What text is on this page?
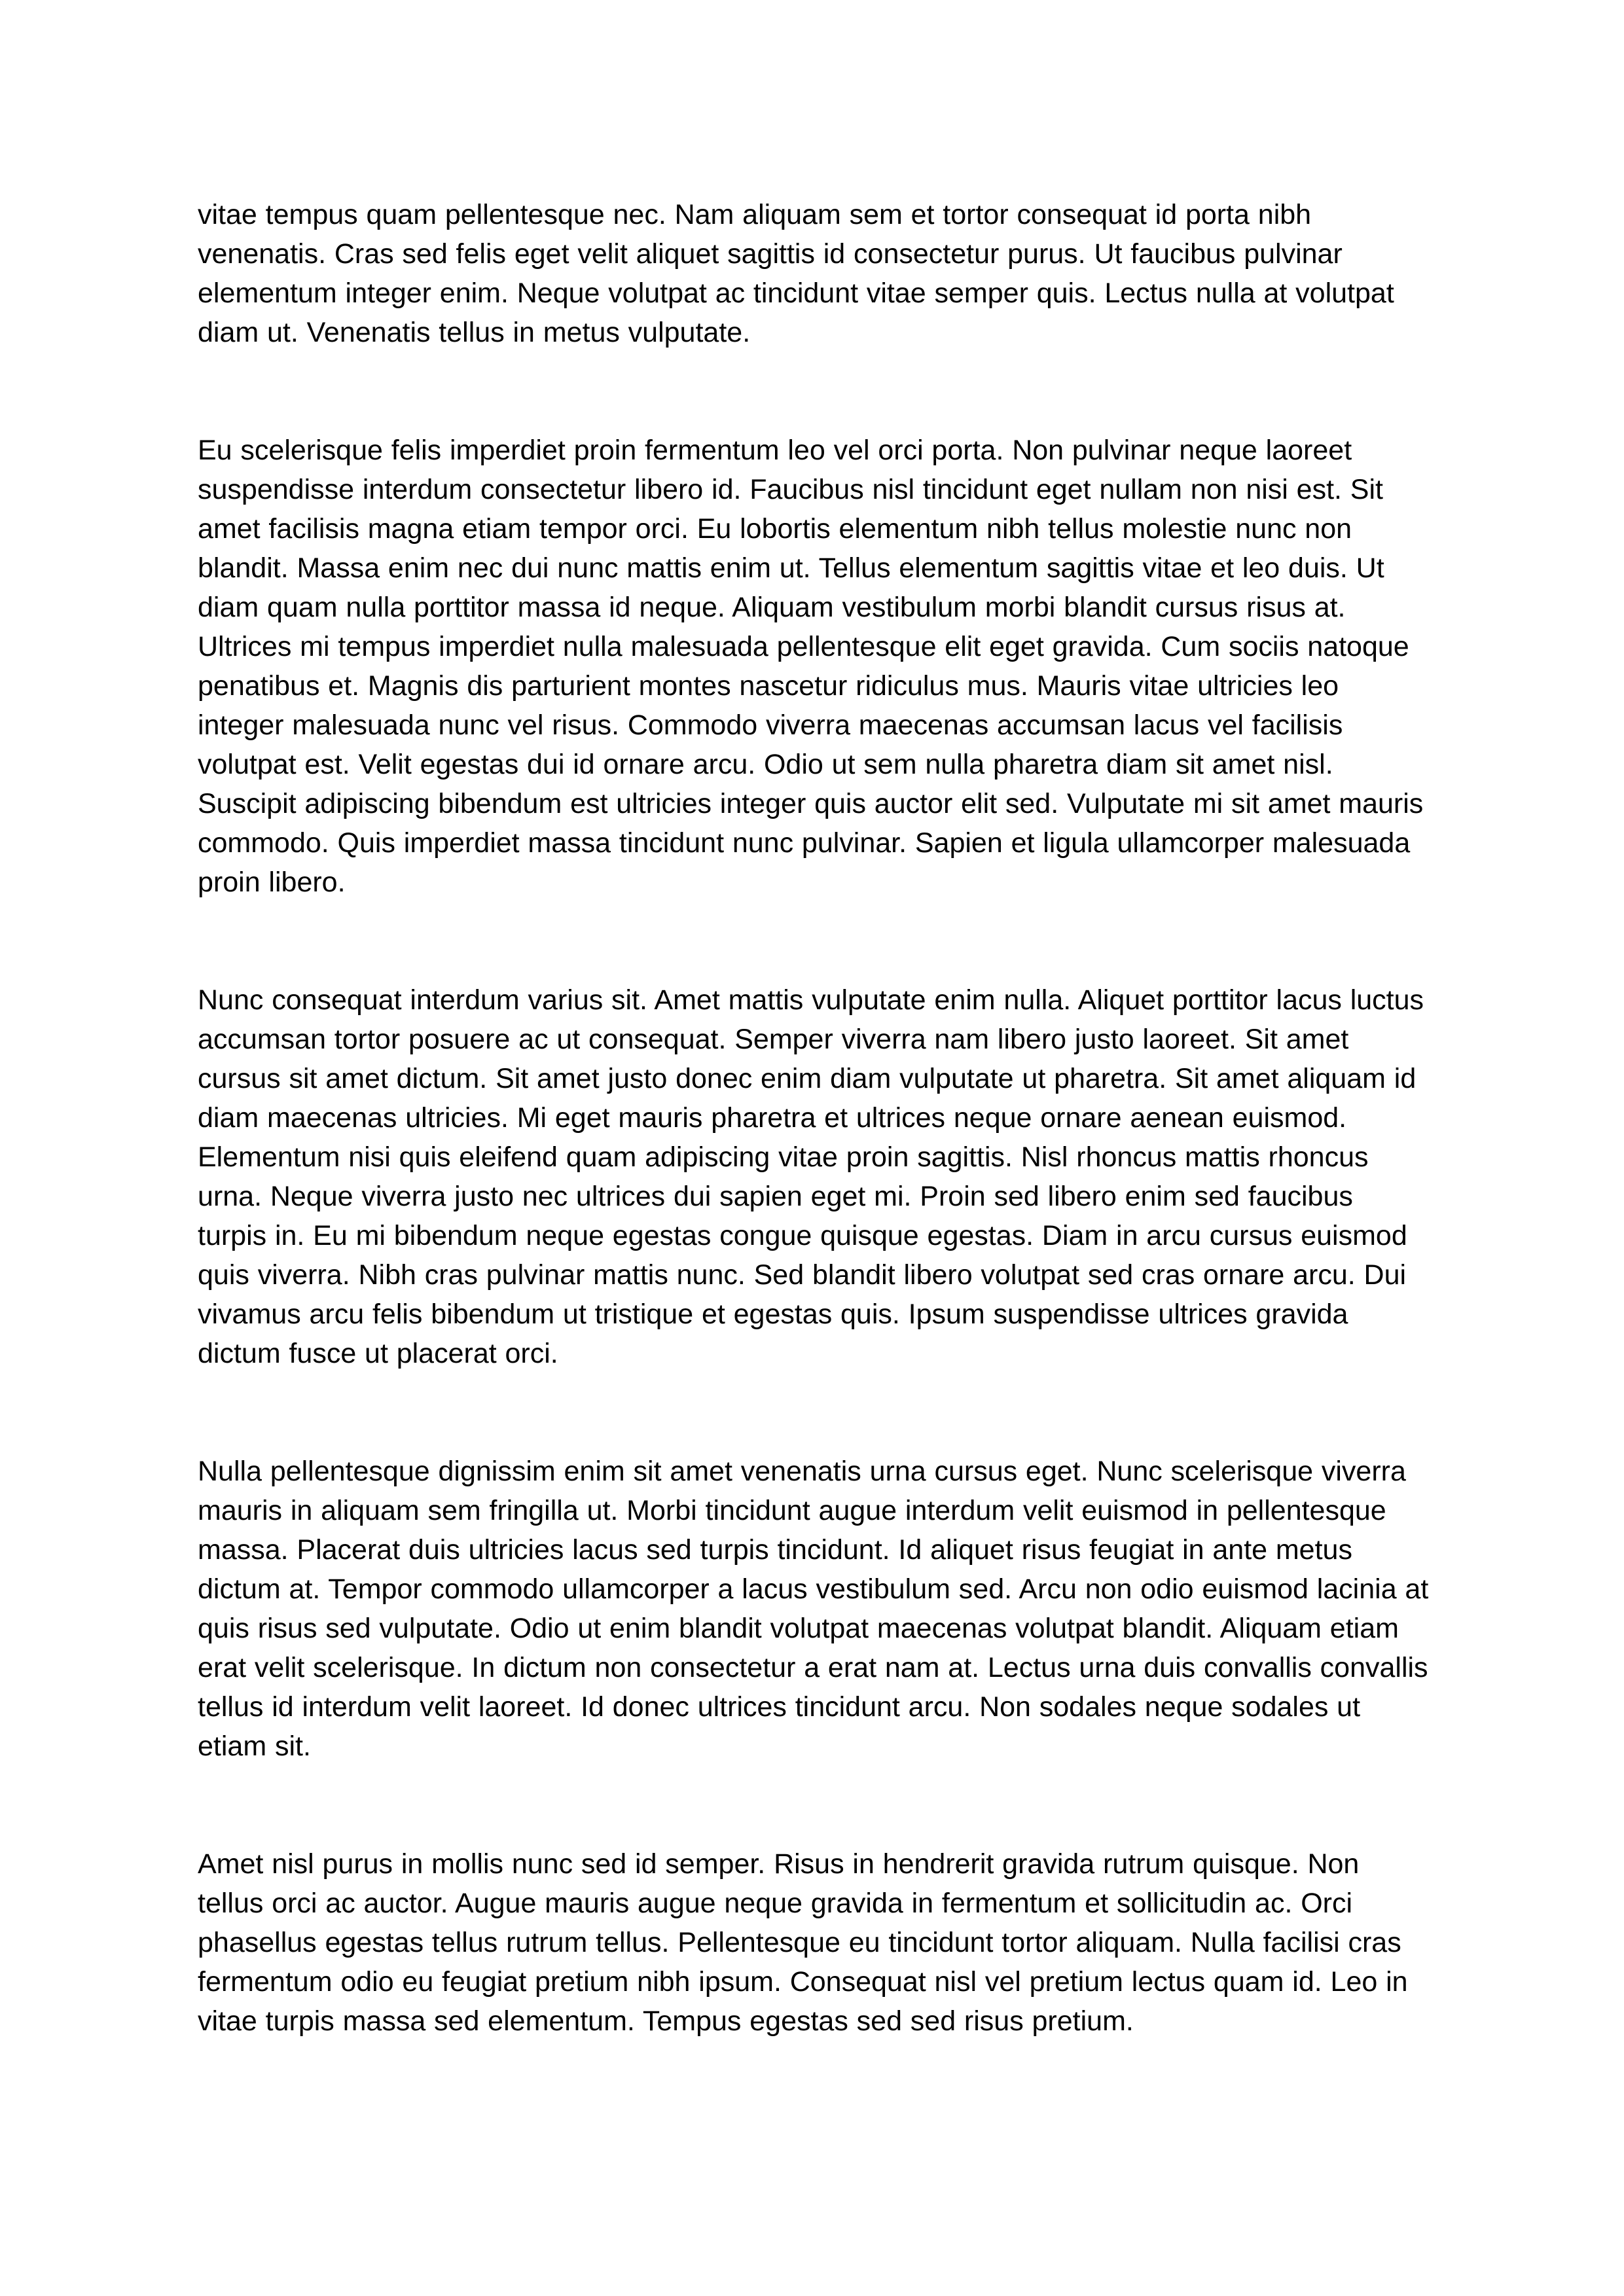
vitae tempus quam pellentesque nec. Nam aliquam sem et tortor consequat id porta nibh venenatis. Cras sed felis eget velit aliquet sagittis id consectetur purus. Ut faucibus pulvinar elementum integer enim. Neque volutpat ac tincidunt vitae semper quis. Lectus nulla at volutpat diam ut. Venenatis tellus in metus vulputate.

Eu scelerisque felis imperdiet proin fermentum leo vel orci porta. Non pulvinar neque laoreet suspendisse interdum consectetur libero id. Faucibus nisl tincidunt eget nullam non nisi est. Sit amet facilisis magna etiam tempor orci. Eu lobortis elementum nibh tellus molestie nunc non blandit. Massa enim nec dui nunc mattis enim ut. Tellus elementum sagittis vitae et leo duis. Ut diam quam nulla porttitor massa id neque. Aliquam vestibulum morbi blandit cursus risus at. Ultrices mi tempus imperdiet nulla malesuada pellentesque elit eget gravida. Cum sociis natoque penatibus et. Magnis dis parturient montes nascetur ridiculus mus. Mauris vitae ultricies leo integer malesuada nunc vel risus. Commodo viverra maecenas accumsan lacus vel facilisis volutpat est. Velit egestas dui id ornare arcu. Odio ut sem nulla pharetra diam sit amet nisl. Suscipit adipiscing bibendum est ultricies integer quis auctor elit sed. Vulputate mi sit amet mauris commodo. Quis imperdiet massa tincidunt nunc pulvinar. Sapien et ligula ullamcorper malesuada proin libero.

Nunc consequat interdum varius sit. Amet mattis vulputate enim nulla. Aliquet porttitor lacus luctus accumsan tortor posuere ac ut consequat. Semper viverra nam libero justo laoreet. Sit amet cursus sit amet dictum. Sit amet justo donec enim diam vulputate ut pharetra. Sit amet aliquam id diam maecenas ultricies. Mi eget mauris pharetra et ultrices neque ornare aenean euismod. Elementum nisi quis eleifend quam adipiscing vitae proin sagittis. Nisl rhoncus mattis rhoncus urna. Neque viverra justo nec ultrices dui sapien eget mi. Proin sed libero enim sed faucibus turpis in. Eu mi bibendum neque egestas congue quisque egestas. Diam in arcu cursus euismod quis viverra. Nibh cras pulvinar mattis nunc. Sed blandit libero volutpat sed cras ornare arcu. Dui vivamus arcu felis bibendum ut tristique et egestas quis. Ipsum suspendisse ultrices gravida dictum fusce ut placerat orci.

Nulla pellentesque dignissim enim sit amet venenatis urna cursus eget. Nunc scelerisque viverra mauris in aliquam sem fringilla ut. Morbi tincidunt augue interdum velit euismod in pellentesque massa. Placerat duis ultricies lacus sed turpis tincidunt. Id aliquet risus feugiat in ante metus dictum at. Tempor commodo ullamcorper a lacus vestibulum sed. Arcu non odio euismod lacinia at quis risus sed vulputate. Odio ut enim blandit volutpat maecenas volutpat blandit. Aliquam etiam erat velit scelerisque. In dictum non consectetur a erat nam at. Lectus urna duis convallis convallis tellus id interdum velit laoreet. Id donec ultrices tincidunt arcu. Non sodales neque sodales ut etiam sit.

Amet nisl purus in mollis nunc sed id semper. Risus in hendrerit gravida rutrum quisque. Non tellus orci ac auctor. Augue mauris augue neque gravida in fermentum et sollicitudin ac. Orci phasellus egestas tellus rutrum tellus. Pellentesque eu tincidunt tortor aliquam. Nulla facilisi cras fermentum odio eu feugiat pretium nibh ipsum. Consequat nisl vel pretium lectus quam id. Leo in vitae turpis massa sed elementum. Tempus egestas sed sed risus pretium.
